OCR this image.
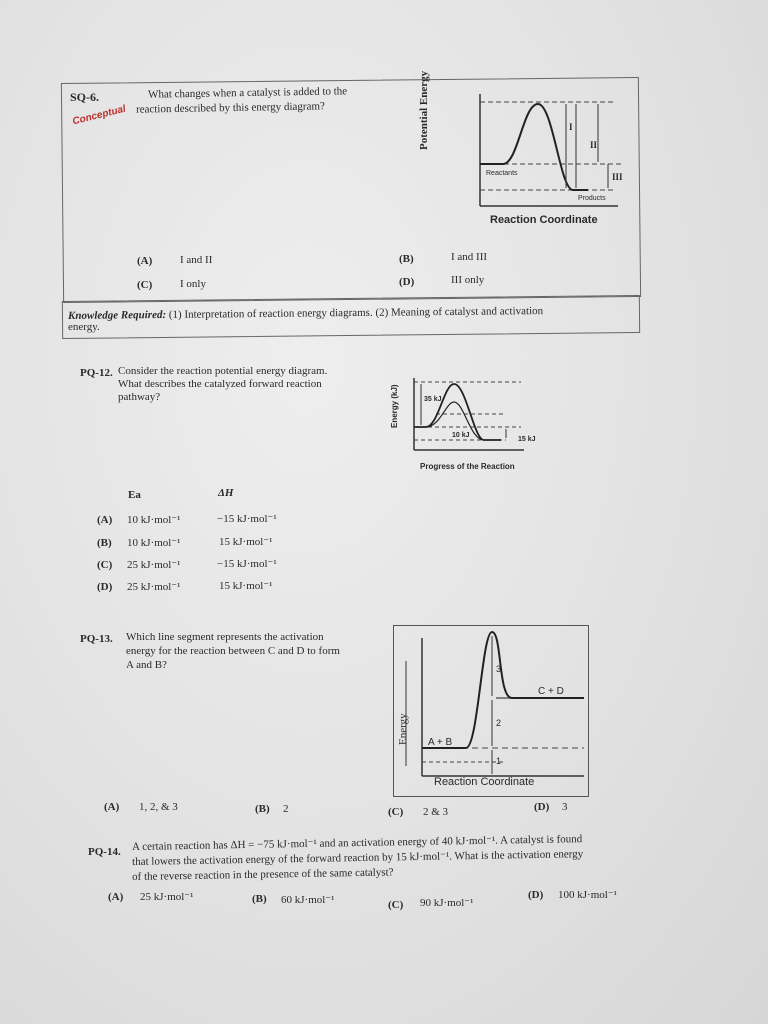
SQ-6.
Conceptual
What changes when a catalyst is added to the
reaction described by this energy diagram?	Potential Energy
Reactants
Products
I
II
III
Reaction Coordinate
(A)	I and II	(B)	I and III
(C)	I only	(D)	III only
Knowledge Required: (1) Interpretation of reaction energy diagrams. (2) Meaning of catalyst and activation
energy.
PQ-12. Consider the reaction potential energy diagram.
What describes the catalyzed forward reaction
pathway?	Energy (kJ)	35 kJ
10 kJ
15 kJ
Progress of the Reaction
Ea	ΔH
(A) 10 kJ·mol⁻¹	−15 kJ·mol⁻¹
(B) 10 kJ·mol⁻¹	15 kJ·mol⁻¹
(C) 25 kJ·mol⁻¹	−15 kJ·mol⁻¹
(D) 25 kJ·mol⁻¹	15 kJ·mol⁻¹
PQ-13. Which line segment represents the activation
energy for the reaction between C and D to form
A and B?
Energy A + B
C + D
3
2
1
Reaction Coordinate
(A) 1, 2, & 3	(B) 2	(C) 2 & 3	(D) 3
PQ-14. A certain reaction has ΔH = −75 kJ·mol⁻¹ and an activation energy of 40 kJ·mol⁻¹. A catalyst is found
that lowers the activation energy of the forward reaction by 15 kJ·mol⁻¹. What is the activation energy
of the reverse reaction in the presence of the same catalyst?
(A) 25 kJ·mol⁻¹	(B) 60 kJ·mol⁻¹	(C) 90 kJ·mol⁻¹
(D) 100 kJ·mol⁻¹
